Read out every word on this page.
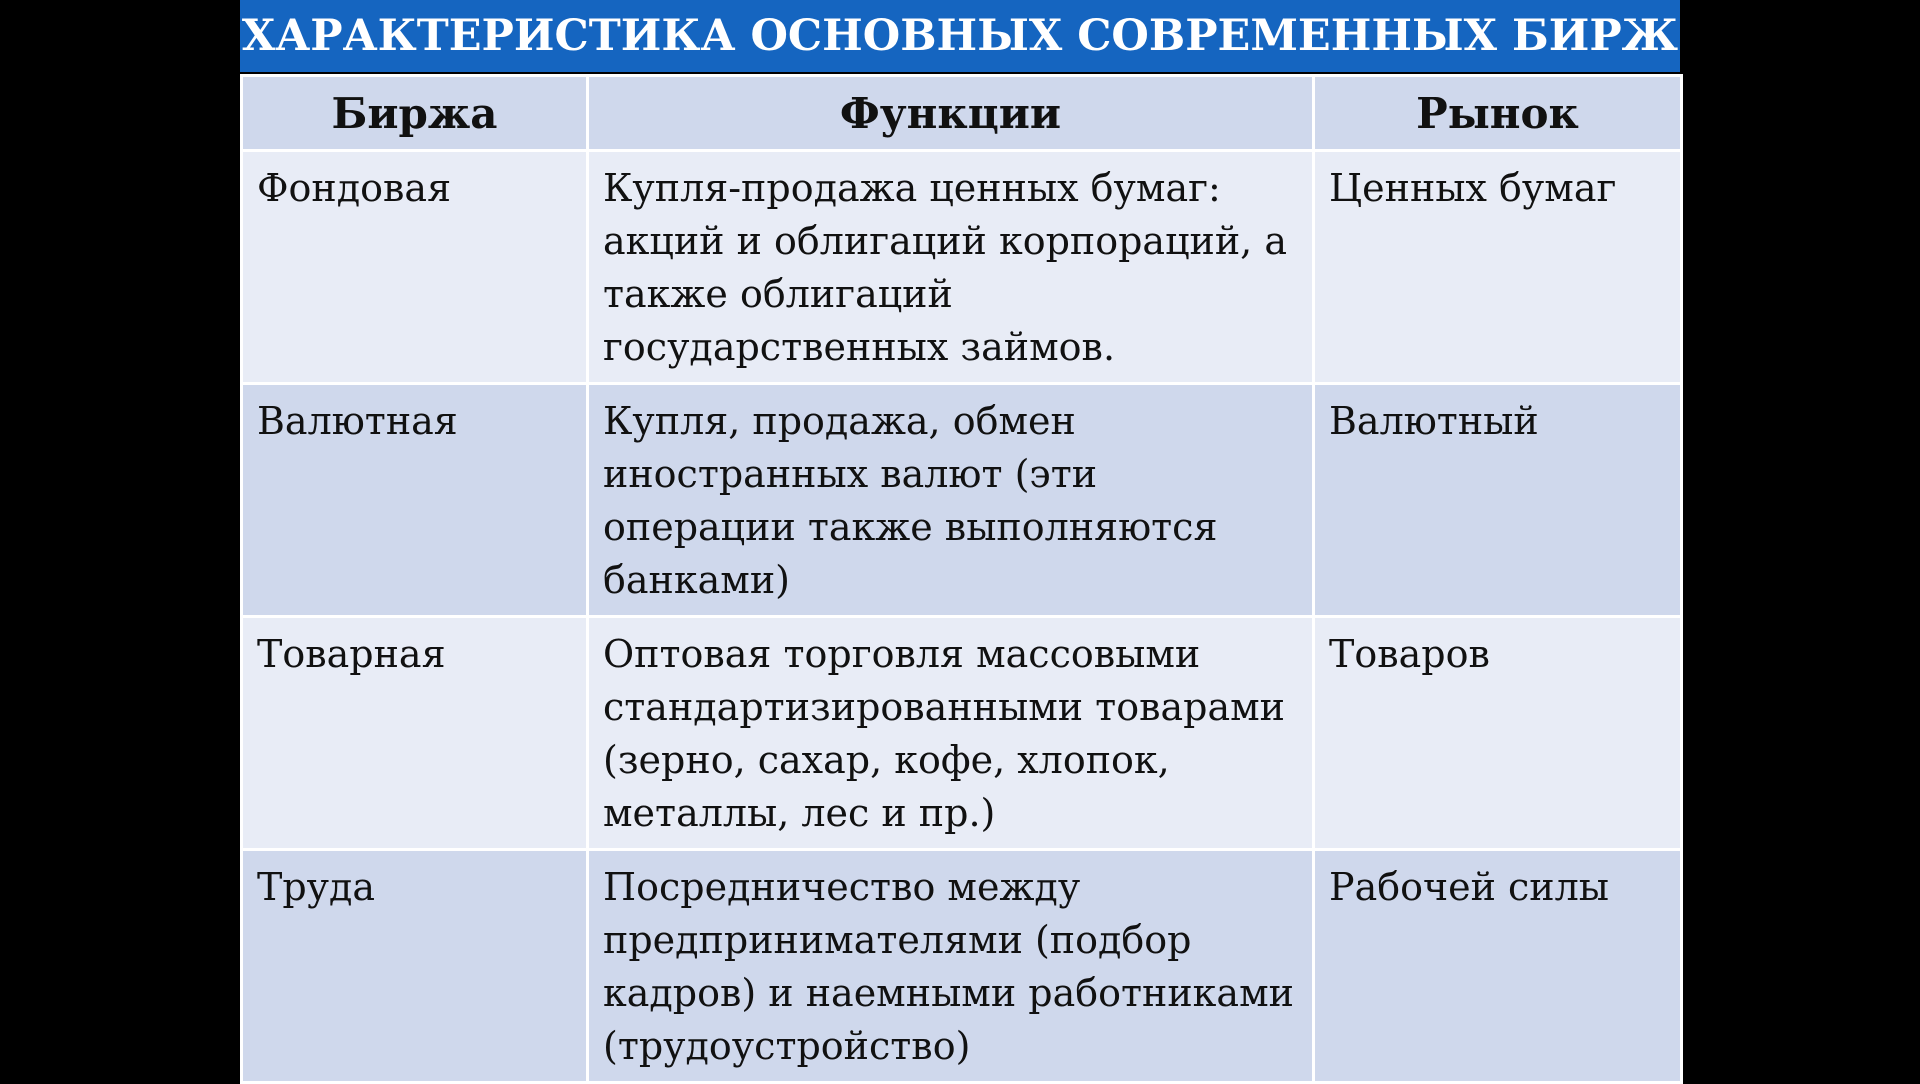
ХАРАКТЕРИСТИКА ОСНОВНЫХ СОВРЕМЕННЫХ БИРЖ
Биржа	Функции	Рынок
Фондовая	Купля-продажа ценных бумаг: акций и облигаций корпораций, а также облигаций государственных займов.	Ценных бумаг
Валютная	Купля, продажа, обмен иностранных валют (эти операции также выполняются банками)	Валютный
Товарная	Оптовая торговля массовыми стандартизированными товарами (зерно, сахар, кофе, хлопок, металлы, лес и пр.)	Товаров
Труда	Посредничество между предпринимателями (подбор кадров) и наемными работниками (трудоустройство)	Рабочей силы
